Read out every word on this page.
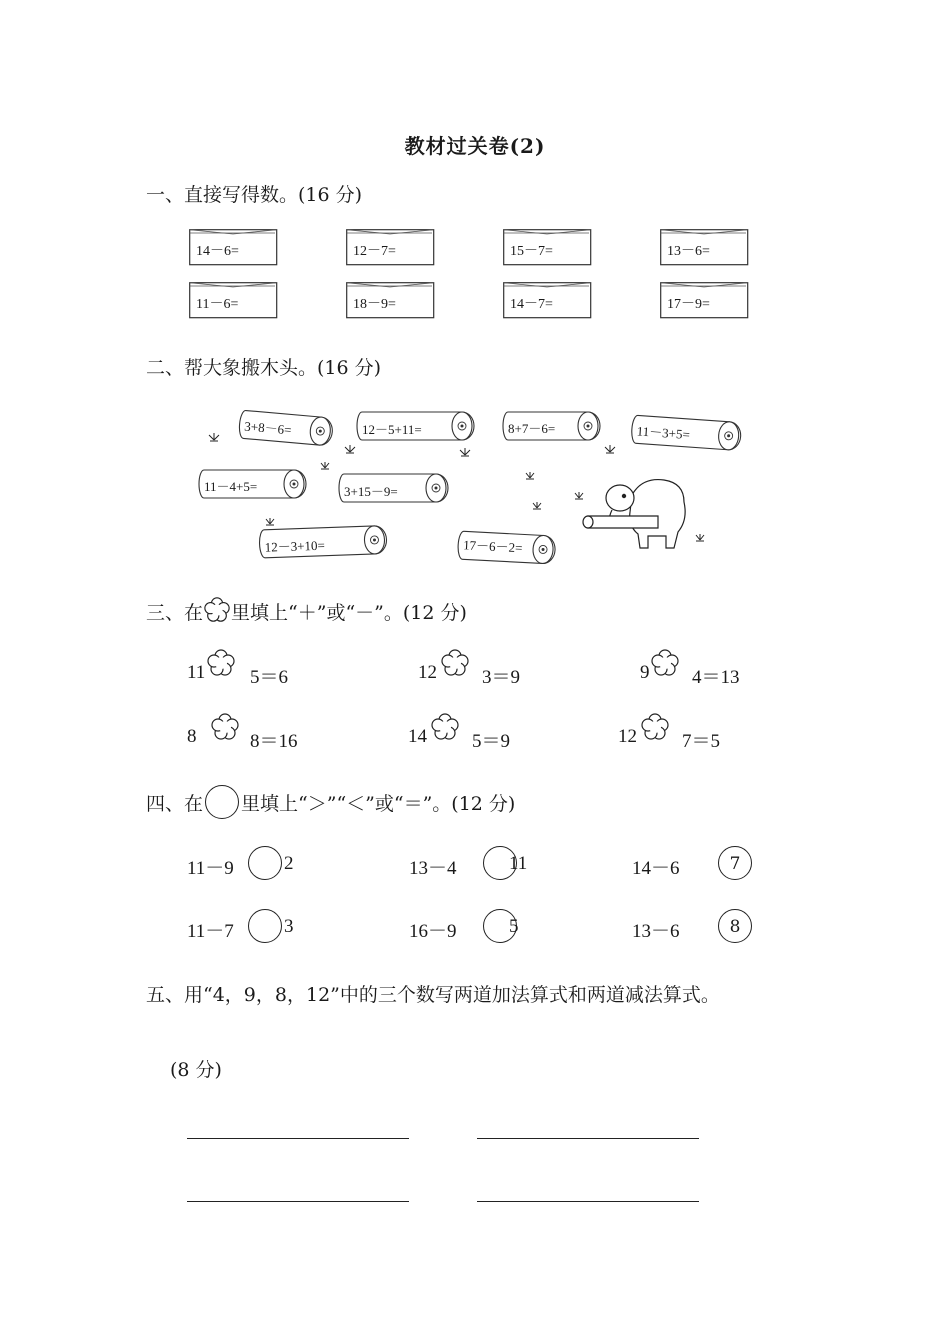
教材过关卷(2)
一、直接写得数。(16 分)
14－6=	12－7=	15－7=	13－6=
11－6=	18－9=	14－7=	17－9=
二、帮大象搬木头。(16 分)
3+8－6=	12－5+11=	8+7－6=	11－3+5=
11－4+5=	3+15－9=
12－3+10=	17－6－2=
三、在 里填上“＋”或“－”。(12 分)
11 5＝6	12 3＝9	9 4＝13
8	8＝16	14 5＝9	12 7＝5
四、在 里填上“＞”“＜”或“＝”。(12 分)
11－9	2	13－4	11	14－6	7
11－7	3	16－9	5	13－6	8
五、用“4，9，8，12”中的三个数写两道加法算式和两道减法算式。
(8 分)
